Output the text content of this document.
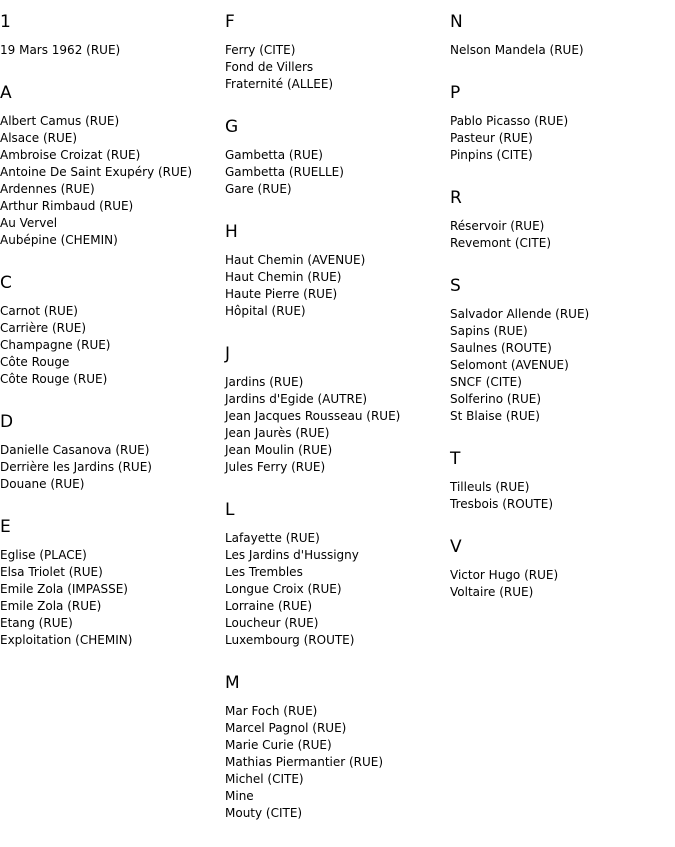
1
19 Mars 1962 (RUE)
A
Albert Camus (RUE)
Alsace (RUE)
Ambroise Croizat (RUE)
Antoine De Saint Exupéry (RUE)
Ardennes (RUE)
Arthur Rimbaud (RUE)
Au Vervel
Aubépine (CHEMIN)
C
Carnot (RUE)
Carrière (RUE)
Champagne (RUE)
Côte Rouge
Côte Rouge (RUE)
D
Danielle Casanova (RUE)
Derrière les Jardins (RUE)
Douane (RUE)
E
Eglise (PLACE)
Elsa Triolet (RUE)
Emile Zola (IMPASSE)
Emile Zola (RUE)
Etang (RUE)
Exploitation (CHEMIN)
F
Ferry (CITE)
Fond de Villers
Fraternité (ALLEE)
G
Gambetta (RUE)
Gambetta (RUELLE)
Gare (RUE)
H
Haut Chemin (AVENUE)
Haut Chemin (RUE)
Haute Pierre (RUE)
Hôpital (RUE)
J
Jardins (RUE)
Jardins d'Egide (AUTRE)
Jean Jacques Rousseau (RUE)
Jean Jaurès (RUE)
Jean Moulin (RUE)
Jules Ferry (RUE)
L
Lafayette (RUE)
Les Jardins d'Hussigny
Les Trembles
Longue Croix (RUE)
Lorraine (RUE)
Loucheur (RUE)
Luxembourg (ROUTE)
M
Mar Foch (RUE)
Marcel Pagnol (RUE)
Marie Curie (RUE)
Mathias Piermantier (RUE)
Michel (CITE)
Mine
Mouty (CITE)
N
Nelson Mandela (RUE)
P
Pablo Picasso (RUE)
Pasteur (RUE)
Pinpins (CITE)
R
Réservoir (RUE)
Revemont (CITE)
S
Salvador Allende (RUE)
Sapins (RUE)
Saulnes (ROUTE)
Selomont (AVENUE)
SNCF (CITE)
Solferino (RUE)
St Blaise (RUE)
T
Tilleuls (RUE)
Tresbois (ROUTE)
V
Victor Hugo (RUE)
Voltaire (RUE)
